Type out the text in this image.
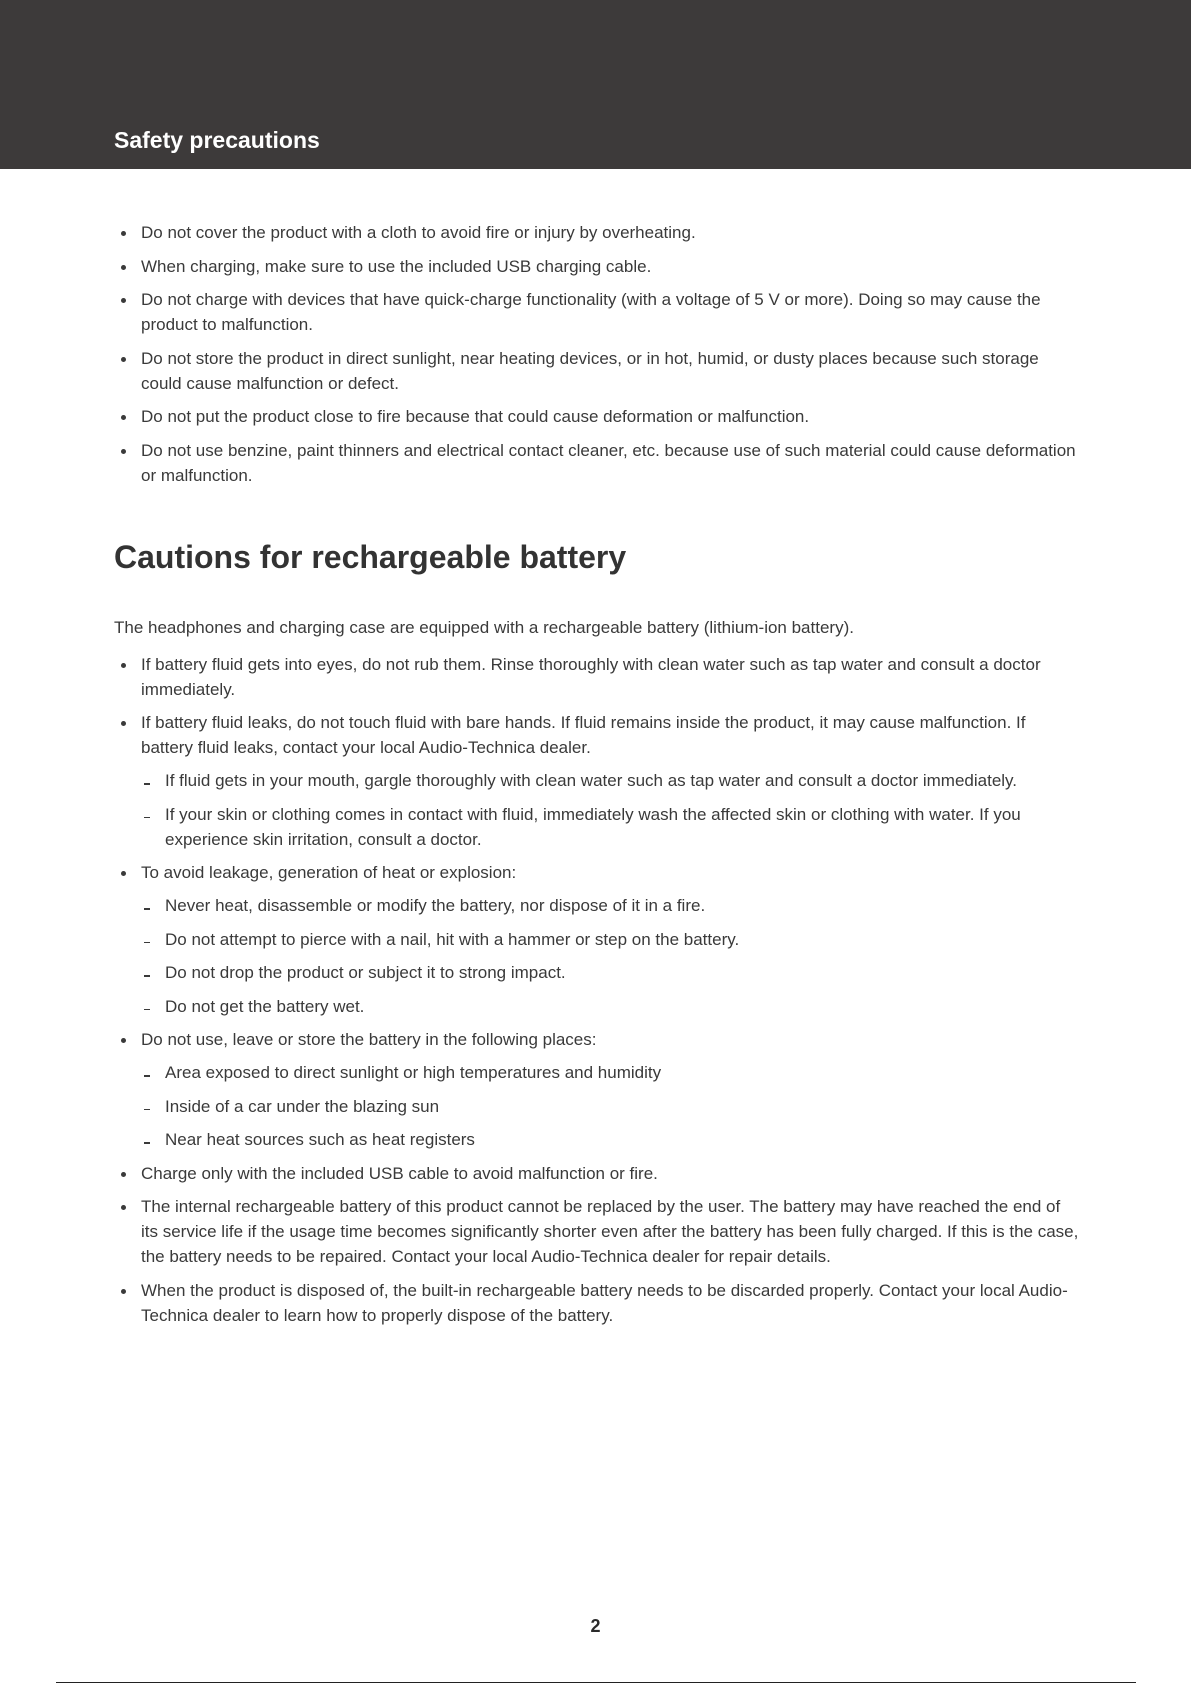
Safety precautions
Do not cover the product with a cloth to avoid fire or injury by overheating.
When charging, make sure to use the included USB charging cable.
Do not charge with devices that have quick-charge functionality (with a voltage of 5 V or more). Doing so may cause the product to malfunction.
Do not store the product in direct sunlight, near heating devices, or in hot, humid, or dusty places because such storage could cause malfunction or defect.
Do not put the product close to fire because that could cause deformation or malfunction.
Do not use benzine, paint thinners and electrical contact cleaner, etc. because use of such material could cause deformation or malfunction.
Cautions for rechargeable battery

The headphones and charging case are equipped with a rechargeable battery (lithium-ion battery).

If battery fluid gets into eyes, do not rub them. Rinse thoroughly with clean water such as tap water and consult a doctor immediately.
If battery fluid leaks, do not touch fluid with bare hands. If fluid remains inside the product, it may cause malfunction. If battery fluid leaks, contact your local Audio-Technica dealer.
If fluid gets in your mouth, gargle thoroughly with clean water such as tap water and consult a doctor immediately.
If your skin or clothing comes in contact with fluid, immediately wash the affected skin or clothing with water. If you experience skin irritation, consult a doctor.
To avoid leakage, generation of heat or explosion:
Never heat, disassemble or modify the battery, nor dispose of it in a fire.
Do not attempt to pierce with a nail, hit with a hammer or step on the battery.
Do not drop the product or subject it to strong impact.
Do not get the battery wet.
Do not use, leave or store the battery in the following places:
Area exposed to direct sunlight or high temperatures and humidity
Inside of a car under the blazing sun
Near heat sources such as heat registers
Charge only with the included USB cable to avoid malfunction or fire.
The internal rechargeable battery of this product cannot be replaced by the user. The battery may have reached the end of its service life if the usage time becomes significantly shorter even after the battery has been fully charged. If this is the case, the battery needs to be repaired. Contact your local Audio-Technica dealer for repair details.
When the product is disposed of, the built-in rechargeable battery needs to be discarded properly. Contact your local Audio-Technica dealer to learn how to properly dispose of the battery.
2
